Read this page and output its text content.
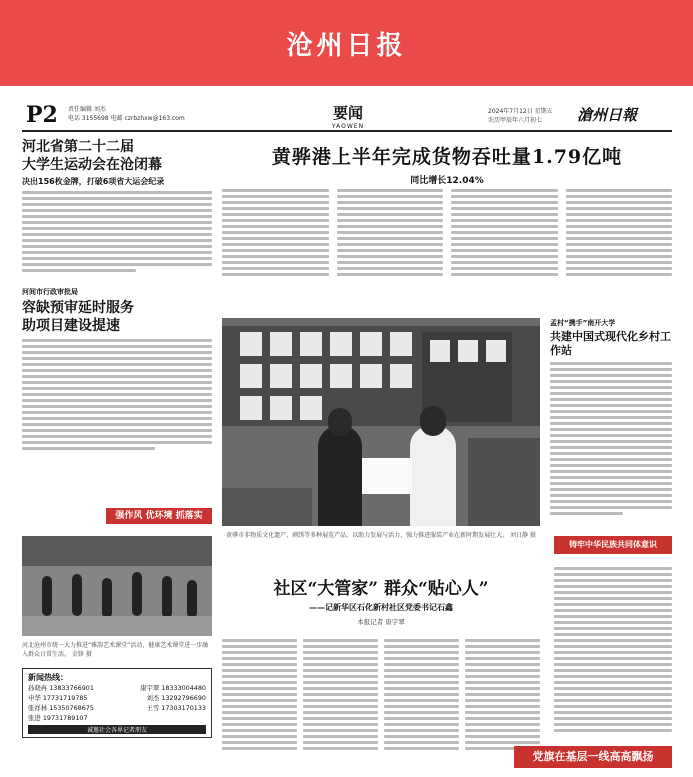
沧州日报
P2 责任编辑 刘杰
电话 3155698 电邮 czrbzhxw@163.com	要闻
YAOWEN
2024年7月12日 星期五
农历甲辰年六月初七	滄州日報
河北省第二十二届
大学生运动会在沧闭幕
决出156枚金牌，打破6项省大运会纪录
河间市行政审批局
容缺预审延时服务
助项目建设提速
强作风 优环境 抓落实
黄骅港上半年完成货物吞吐量1.79亿吨
同比增长12.04%
黄骅市非物质文化遗产、刺绣等多种展览产品，以助力发展与活力，强力推进服装产业在新时期发展壮大。 刘日静 摄
孟村“携手”南开大学
共建中国式现代化乡村工作站
铸牢中华民族共同体意识
河北沧州市统一大力推进“雅韵艺术课堂”活动，健康艺术课堂进一步融入群众日常生活。 金锋 摄
新闻热线：
孙晓冉 13833766901	康宇翠 18333004480
申华 17731719785	刘杰 13292796690
张祥林 15350768675	王雪 17303170133
张进 19731789107
诚邀社会各界记者朋友
社区“大管家” 群众“贴心人”
——记新华区石化新村社区党委书记石鑫
本报记者 唐宇翠
党旗在基层一线高高飘扬
